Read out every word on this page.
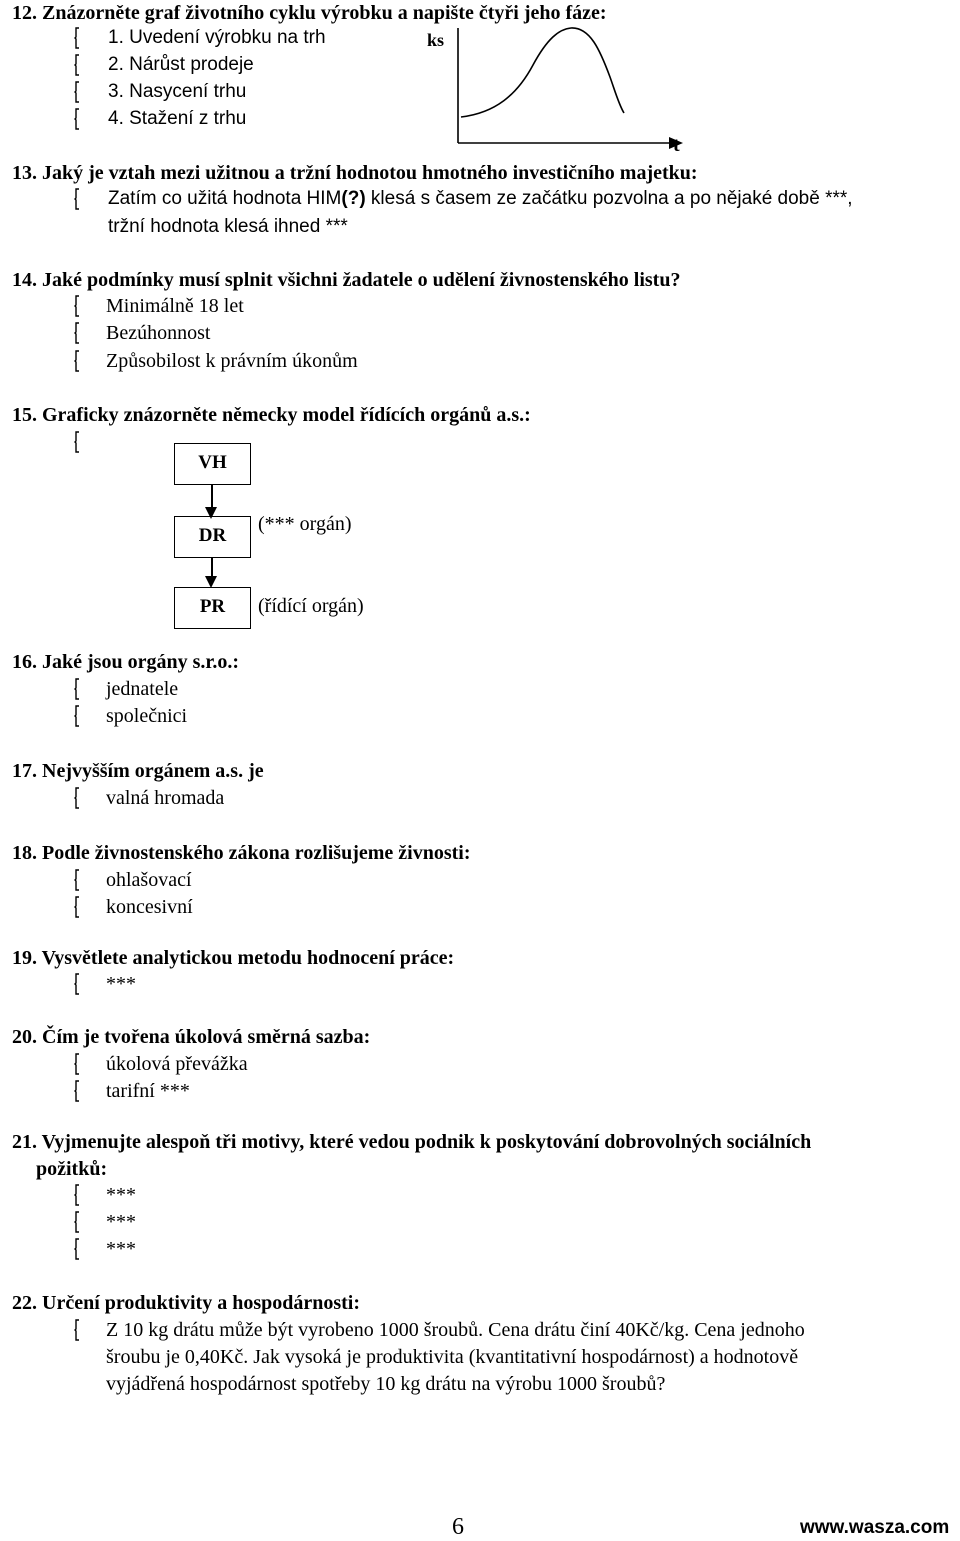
12. Znázorněte graf životního cyklu výrobku a napište čtyři jeho fáze:
1. Uvedení výrobku na trh
2. Nárůst prodeje
3. Nasycení trhu
4. Stažení z trhu
ks
t
13. Jaký je vztah mezi užitnou a tržní hodnotou hmotného investičního majetku:
Zatím co užitá hodnota HIM(?) klesá s časem ze začátku pozvolna a po nějaké době ***,
tržní hodnota klesá ihned ***
14. Jaké podmínky musí splnit všichni žadatele o udělení živnostenského listu?
Minimálně 18 let
Bezúhonnost
Způsobilost k právním úkonům
15. Graficky znázorněte německy model řídících orgánů a.s.:
VH
DR
(*** orgán)
PR	(řídící orgán)
16. Jaké jsou orgány s.r.o.:
jednatele
společnici
17. Nejvyšším orgánem a.s. je
valná hromada
18. Podle živnostenského zákona rozlišujeme živnosti:
ohlašovací
koncesivní
19. Vysvětlete analytickou metodu hodnocení práce:
***
20. Čím je tvořena úkolová směrná sazba:
úkolová převážka
tarifní ***
21. Vyjmenujte alespoň tři motivy, které vedou podnik k poskytování dobrovolných sociálních
požitků:
***
***
***
22. Určení produktivity a hospodárnosti:
Z 10 kg drátu může být vyrobeno 1000 šroubů. Cena drátu činí 40Kč/kg. Cena jednoho
šroubu je 0,40Kč. Jak vysoká je produktivita (kvantitativní hospodárnost) a hodnotově
vyjádřená hospodárnost spotřeby 10 kg drátu na výrobu 1000 šroubů?
6	www.wasza.com
